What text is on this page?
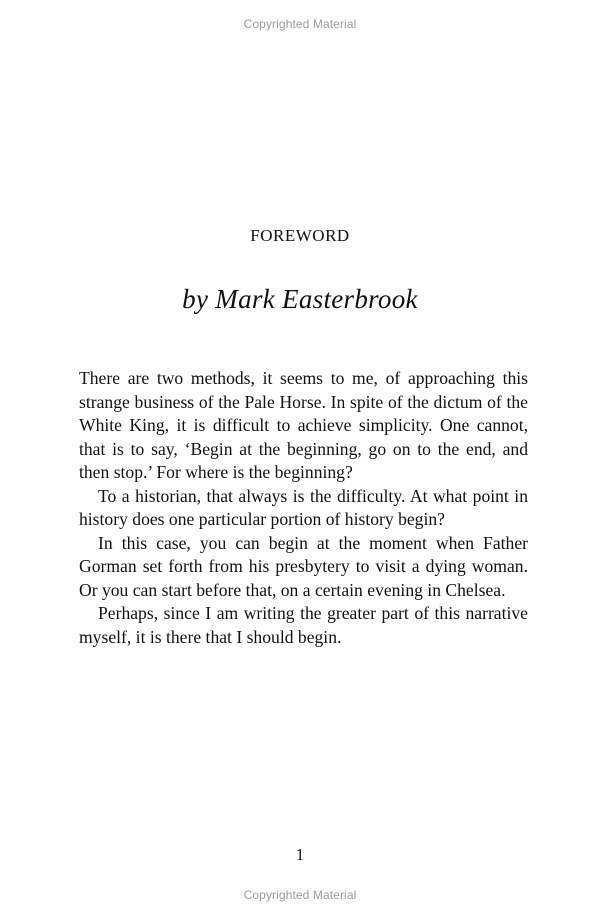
Copyrighted Material
FOREWORD
by Mark Easterbrook

There are two methods, it seems to me, of approaching this strange business of the Pale Horse. In spite of the dictum of the White King, it is difficult to achieve simplicity. One cannot, that is to say, ‘Begin at the beginning, go on to the end, and then stop.’ For where is the beginning?

To a historian, that always is the difficulty. At what point in history does one particular portion of history begin?

In this case, you can begin at the moment when Father Gorman set forth from his presbytery to visit a dying woman. Or you can start before that, on a certain evening in Chelsea.

Perhaps, since I am writing the greater part of this narrative myself, it is there that I should begin.

1
Copyrighted Material
